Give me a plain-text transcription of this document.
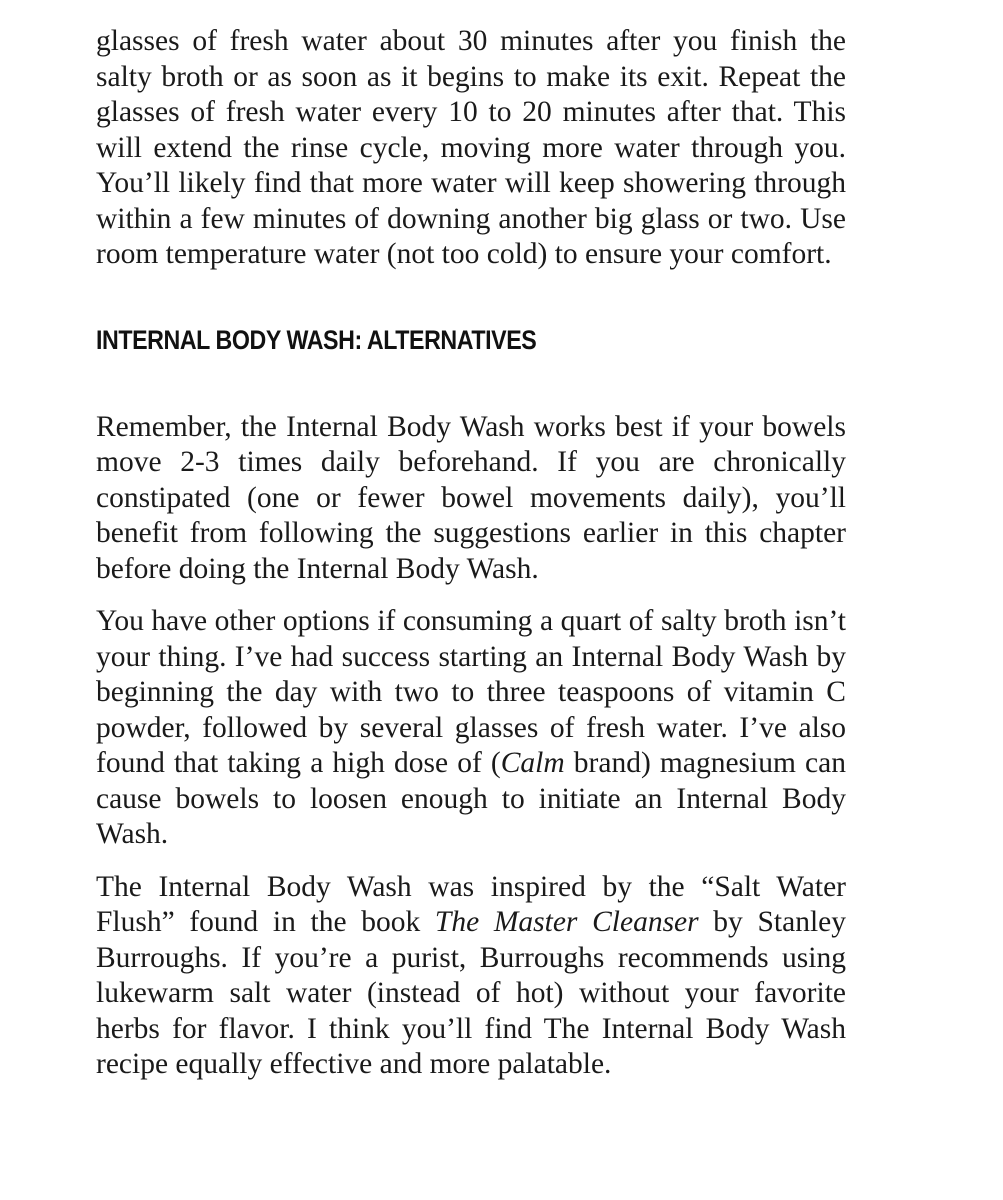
glasses of fresh water about 30 minutes after you finish the salty broth or as soon as it begins to make its exit. Repeat the glasses of fresh water every 10 to 20 minutes after that. This will extend the rinse cycle, moving more water through you. You’ll likely find that more water will keep showering through within a few minutes of downing another big glass or two. Use room temperature water (not too cold) to ensure your comfort.

INTERNAL BODY WASH: ALTERNATIVES

Remember, the Internal Body Wash works best if your bowels move 2-3 times daily beforehand. If you are chronically constipated (one or fewer bowel movements daily), you’ll benefit from following the suggestions earlier in this chapter before doing the Internal Body Wash.

You have other options if consuming a quart of salty broth isn’t your thing. I’ve had success starting an Internal Body Wash by beginning the day with two to three teaspoons of vitamin C powder, followed by several glasses of fresh water. I’ve also found that taking a high dose of (Calm brand) magnesium can cause bowels to loosen enough to initiate an Internal Body Wash.

The Internal Body Wash was inspired by the “Salt Water Flush” found in the book The Master Cleanser by Stanley Burroughs. If you’re a purist, Burroughs recommends using lukewarm salt water (instead of hot) without your favorite herbs for flavor. I think you’ll find The Internal Body Wash recipe equally effective and more palatable.
